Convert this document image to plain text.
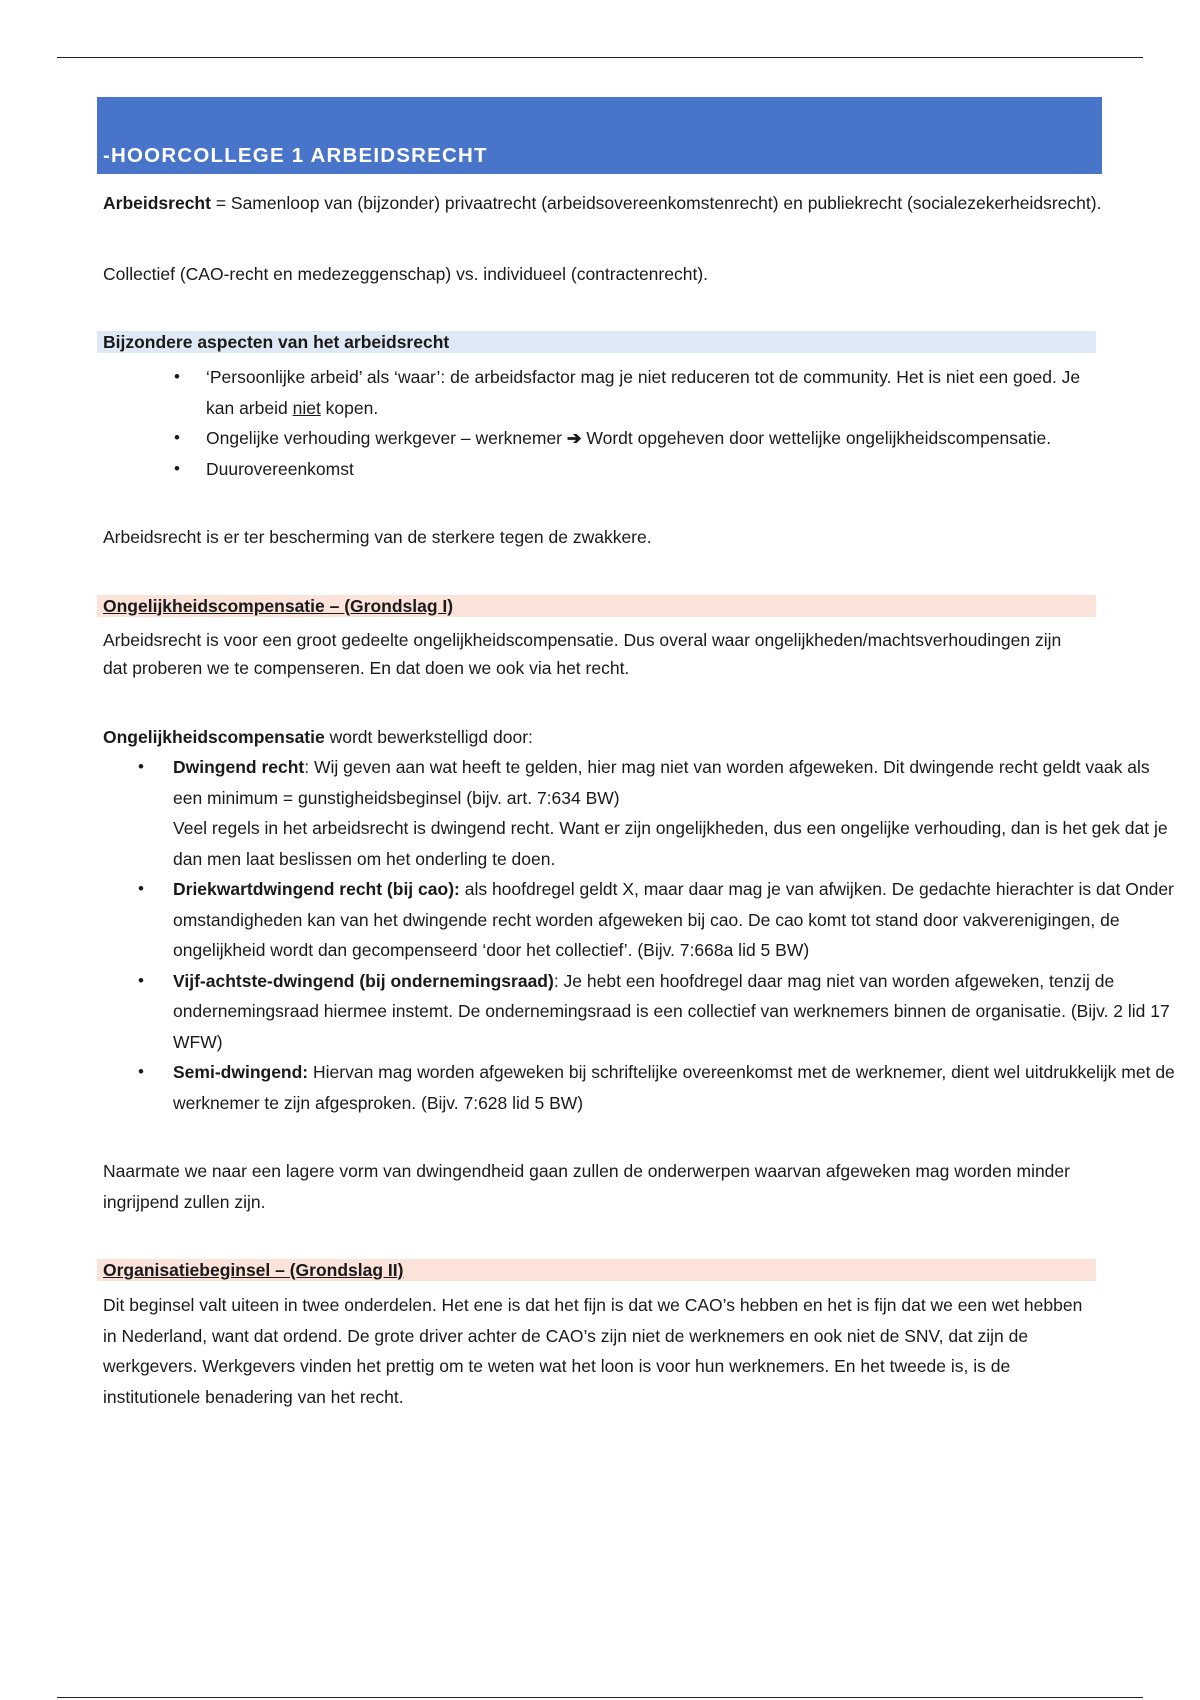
-HOORCOLLEGE 1 ARBEIDSRECHT

Arbeidsrecht = Samenloop van (bijzonder) privaatrecht (arbeidsovereenkomstenrecht) en publiekrecht (socialezekerheidsrecht).

Collectief (CAO-recht en medezeggenschap) vs. individueel (contractenrecht).

Bijzondere aspecten van het arbeidsrecht
• ‘Persoonlijke arbeid’ als ‘waar’: de arbeidsfactor mag je niet reduceren tot de community. Het is niet een goed. Je kan arbeid niet kopen.
• Ongelijke verhouding werkgever – werknemer ➔ Wordt opgeheven door wettelijke ongelijkheidscompensatie.
• Duurovereenkomst

Arbeidsrecht is er ter bescherming van de sterkere tegen de zwakkere.

Ongelijkheidscompensatie – (Grondslag I)

Arbeidsrecht is voor een groot gedeelte ongelijkheidscompensatie. Dus overal waar ongelijkheden/machtsverhoudingen zijn dat proberen we te compenseren. En dat doen we ook via het recht.

Ongelijkheidscompensatie wordt bewerkstelligd door:

• Dwingend recht: Wij geven aan wat heeft te gelden, hier mag niet van worden afgeweken. Dit dwingende recht geldt vaak als een minimum = gunstigheidsbeginsel (bijv. art. 7:634 BW)
Veel regels in het arbeidsrecht is dwingend recht. Want er zijn ongelijkheden, dus een ongelijke verhouding, dan is het gek dat je dan men laat beslissen om het onderling te doen.
• Driekwartdwingend recht (bij cao): als hoofdregel geldt X, maar daar mag je van afwijken. De gedachte hierachter is dat Onder omstandigheden kan van het dwingende recht worden afgeweken bij cao. De cao komt tot stand door vakverenigingen, de ongelijkheid wordt dan gecompenseerd ‘door het collectief’. (Bijv. 7:668a lid 5 BW)
• Vijf-achtste-dwingend (bij ondernemingsraad): Je hebt een hoofdregel daar mag niet van worden afgeweken, tenzij de ondernemingsraad hiermee instemt. De ondernemingsraad is een collectief van werknemers binnen de organisatie. (Bijv. 2 lid 17 WFW)
• Semi-dwingend: Hiervan mag worden afgeweken bij schriftelijke overeenkomst met de werknemer, dient wel uitdrukkelijk met de werknemer te zijn afgesproken. (Bijv. 7:628 lid 5 BW)

Naarmate we naar een lagere vorm van dwingendheid gaan zullen de onderwerpen waarvan afgeweken mag worden minder ingrijpend zullen zijn.

Organisatiebeginsel – (Grondslag II)

Dit beginsel valt uiteen in twee onderdelen. Het ene is dat het fijn is dat we CAO’s hebben en het is fijn dat we een wet hebben in Nederland, want dat ordend. De grote driver achter de CAO’s zijn niet de werknemers en ook niet de SNV, dat zijn de werkgevers. Werkgevers vinden het prettig om te weten wat het loon is voor hun werknemers. En het tweede is, is de institutionele benadering van het recht.
